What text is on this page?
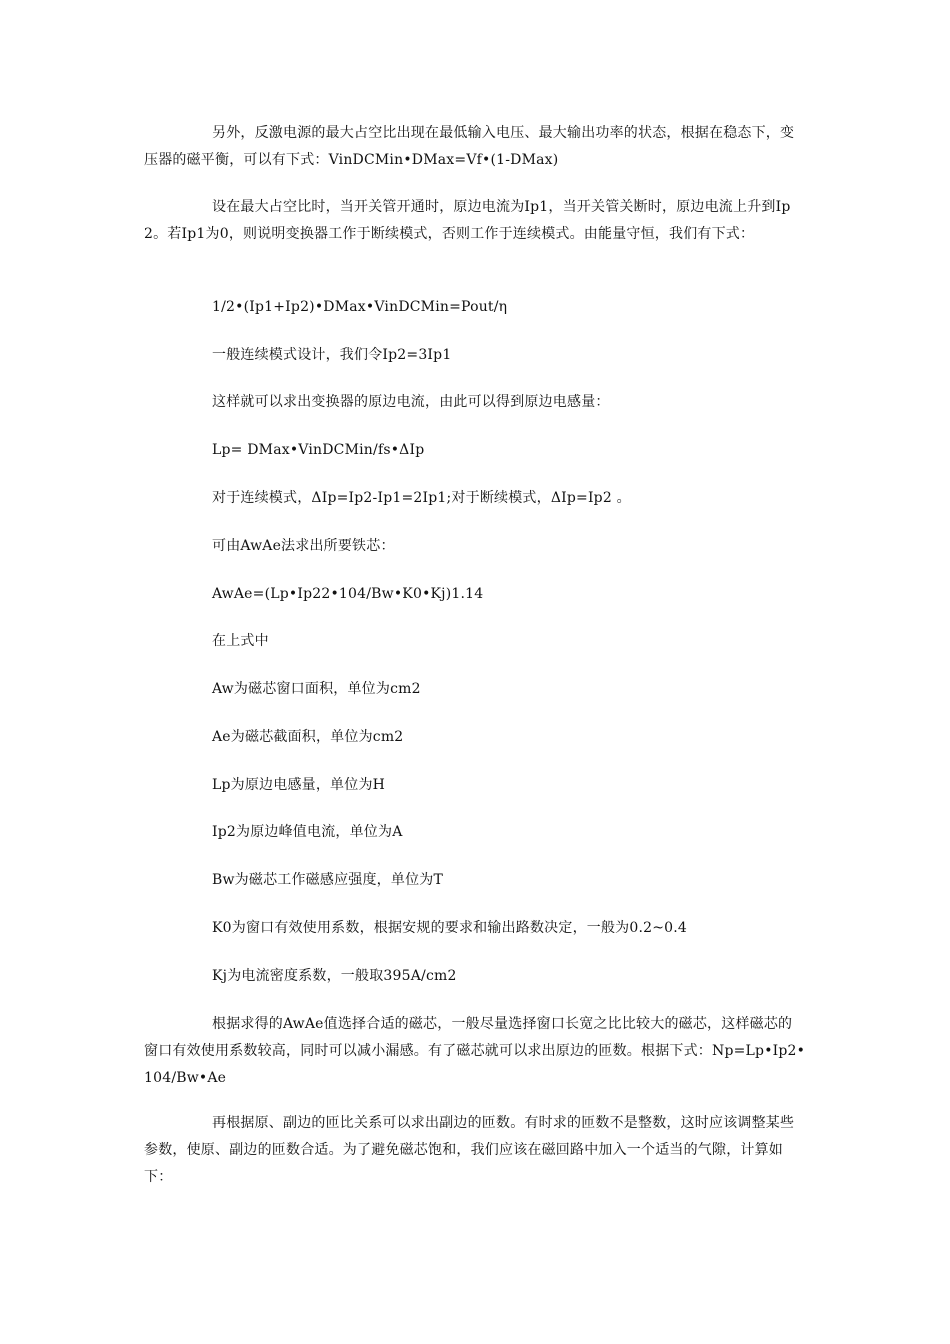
另外，反激电源的最大占空比出现在最低输入电压、最大输出功率的状态，根据在稳态下，变压器的磁平衡，可以有下式：VinDCMin•DMax=Vf•(1-DMax)

设在最大占空比时，当开关管开通时，原边电流为Ip1，当开关管关断时，原边电流上升到Ip2。若Ip1为0，则说明变换器工作于断续模式，否则工作于连续模式。由能量守恒，我们有下式：

1/2•(Ip1+Ip2)•DMax•VinDCMin=Pout/η

一般连续模式设计，我们令Ip2=3Ip1

这样就可以求出变换器的原边电流，由此可以得到原边电感量：

Lp= DMax•VinDCMin/fs•ΔIp

对于连续模式，ΔIp=Ip2-Ip1=2Ip1;对于断续模式，ΔIp=Ip2 。

可由AwAe法求出所要铁芯：

AwAe=(Lp•Ip22•104/Bw•K0•Kj)1.14

在上式中

Aw为磁芯窗口面积，单位为cm2

Ae为磁芯截面积，单位为cm2

Lp为原边电感量，单位为H

Ip2为原边峰值电流，单位为A

Bw为磁芯工作磁感应强度，单位为T

K0为窗口有效使用系数，根据安规的要求和输出路数决定，一般为0.2~0.4

Kj为电流密度系数，一般取395A/cm2

根据求得的AwAe值选择合适的磁芯，一般尽量选择窗口长宽之比比较大的磁芯，这样磁芯的窗口有效使用系数较高，同时可以减小漏感。有了磁芯就可以求出原边的匝数。根据下式：Np=Lp•Ip2•104/Bw•Ae

再根据原、副边的匝比关系可以求出副边的匝数。有时求的匝数不是整数，这时应该调整某些参数，使原、副边的匝数合适。为了避免磁芯饱和，我们应该在磁回路中加入一个适当的气隙，计算如下：
